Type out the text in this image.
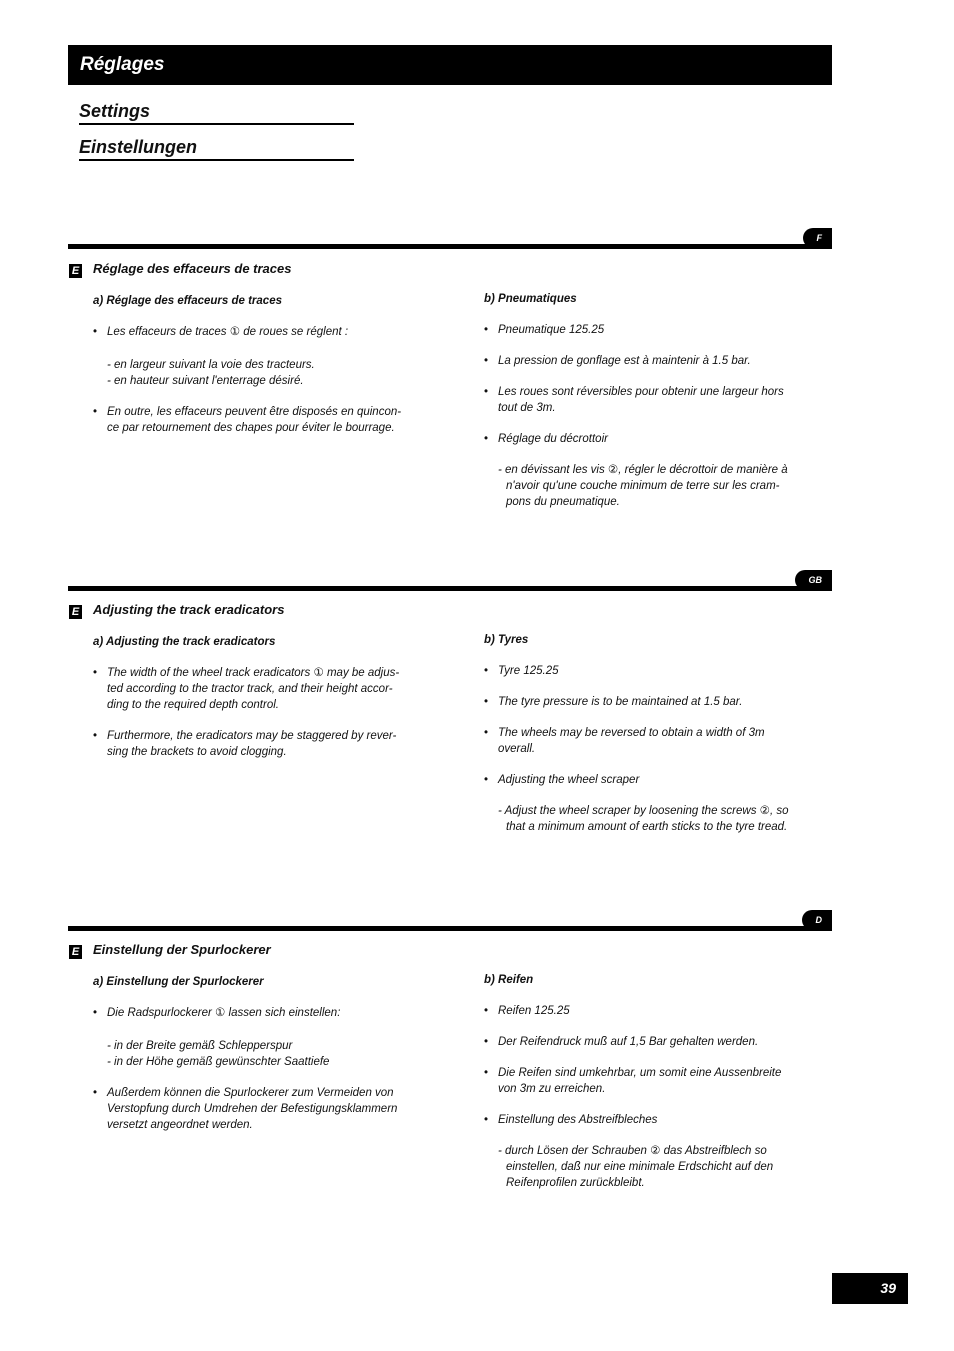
Réglages
Settings
Einstellungen
F
E Réglage des effaceurs de traces
a) Réglage des effaceurs de traces
• Les effaceurs de traces ① de roues se réglent :
- en largeur suivant la voie des tracteurs.
- en hauteur suivant l'enterrage désiré.
• En outre, les effaceurs peuvent être disposés en quincon-
ce par retournement des chapes pour éviter le bourrage.
b) Pneumatiques
• Pneumatique 125.25
• La pression de gonflage est à maintenir à 1.5 bar.
• Les roues sont réversibles pour obtenir une largeur hors
tout de 3m.
• Réglage du décrottoir
- en dévissant les vis ②, régler le décrottoir de manière à
n'avoir qu'une couche minimum de terre sur les cram-
pons du pneumatique.
GB
E Adjusting the track eradicators
a) Adjusting the track eradicators
• The width of the wheel track eradicators ① may be adjus-
ted according to the tractor track, and their height accor-
ding to the required depth control.
• Furthermore, the eradicators may be staggered by rever-
sing the brackets to avoid clogging.
b) Tyres
• Tyre 125.25
• The tyre pressure is to be maintained at 1.5 bar.
• The wheels may be reversed to obtain a width of 3m
overall.
• Adjusting the wheel scraper
- Adjust the wheel scraper by loosening the screws ②, so
that a minimum amount of earth sticks to the tyre tread.
D
E Einstellung der Spurlockerer
a) Einstellung der Spurlockerer
• Die Radspurlockerer ① lassen sich einstellen:
- in der Breite gemäß Schlepperspur
- in der Höhe gemäß gewünschter Saattiefe
• Außerdem können die Spurlockerer zum Vermeiden von
Verstopfung durch Umdrehen der Befestigungsklammern
versetzt angeordnet werden.
b) Reifen
• Reifen 125.25
• Der Reifendruck muß auf 1,5 Bar gehalten werden.
• Die Reifen sind umkehrbar, um somit eine Aussenbreite
von 3m zu erreichen.
• Einstellung des Abstreifbleches
- durch Lösen der Schrauben ② das Abstreifblech so
einstellen, daß nur eine minimale Erdschicht auf den
Reifenprofilen zurückbleibt.
39
